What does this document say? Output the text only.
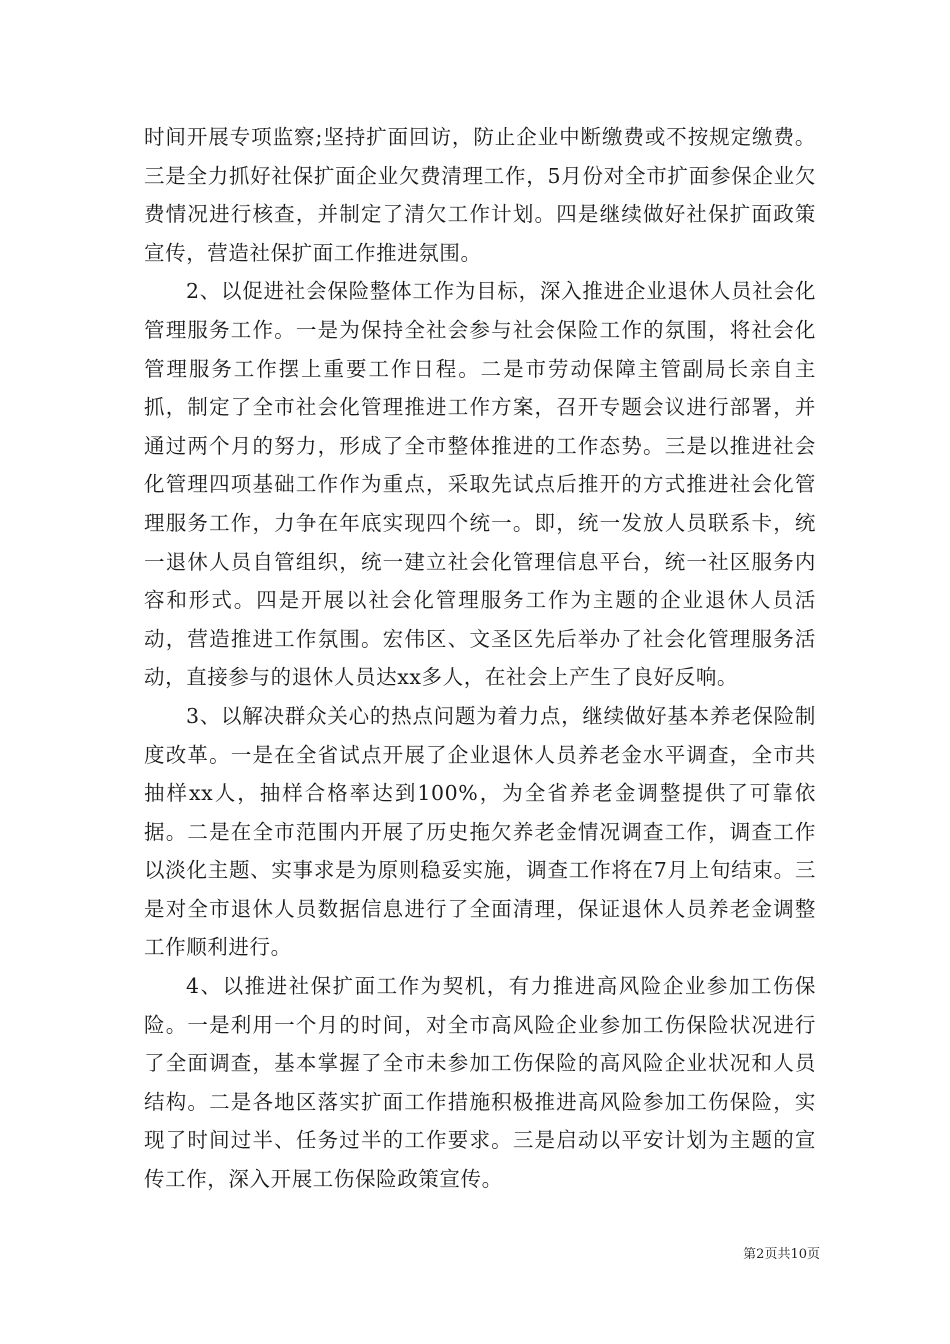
时间开展专项监察;坚持扩面回访，防止企业中断缴费或不按规定缴费。三是全力抓好社保扩面企业欠费清理工作，5月份对全市扩面参保企业欠费情况进行核查，并制定了清欠工作计划。四是继续做好社保扩面政策宣传，营造社保扩面工作推进氛围。

2、以促进社会保险整体工作为目标，深入推进企业退休人员社会化管理服务工作。一是为保持全社会参与社会保险工作的氛围，将社会化管理服务工作摆上重要工作日程。二是市劳动保障主管副局长亲自主抓，制定了全市社会化管理推进工作方案，召开专题会议进行部署，并通过两个月的努力，形成了全市整体推进的工作态势。三是以推进社会化管理四项基础工作作为重点，采取先试点后推开的方式推进社会化管理服务工作，力争在年底实现四个统一。即，统一发放人员联系卡，统一退休人员自管组织，统一建立社会化管理信息平台，统一社区服务内容和形式。四是开展以社会化管理服务工作为主题的企业退休人员活动，营造推进工作氛围。宏伟区、文圣区先后举办了社会化管理服务活动，直接参与的退休人员达xx多人，在社会上产生了良好反响。

3、以解决群众关心的热点问题为着力点，继续做好基本养老保险制度改革。一是在全省试点开展了企业退休人员养老金水平调查，全市共抽样xx人，抽样合格率达到100%，为全省养老金调整提供了可靠依据。二是在全市范围内开展了历史拖欠养老金情况调查工作，调查工作以淡化主题、实事求是为原则稳妥实施，调查工作将在7月上旬结束。三是对全市退休人员数据信息进行了全面清理，保证退休人员养老金调整工作顺利进行。

4、以推进社保扩面工作为契机，有力推进高风险企业参加工伤保险。一是利用一个月的时间，对全市高风险企业参加工伤保险状况进行了全面调查，基本掌握了全市未参加工伤保险的高风险企业状况和人员结构。二是各地区落实扩面工作措施积极推进高风险参加工伤保险，实现了时间过半、任务过半的工作要求。三是启动以平安计划为主题的宣传工作，深入开展工伤保险政策宣传。

第2页共10页
